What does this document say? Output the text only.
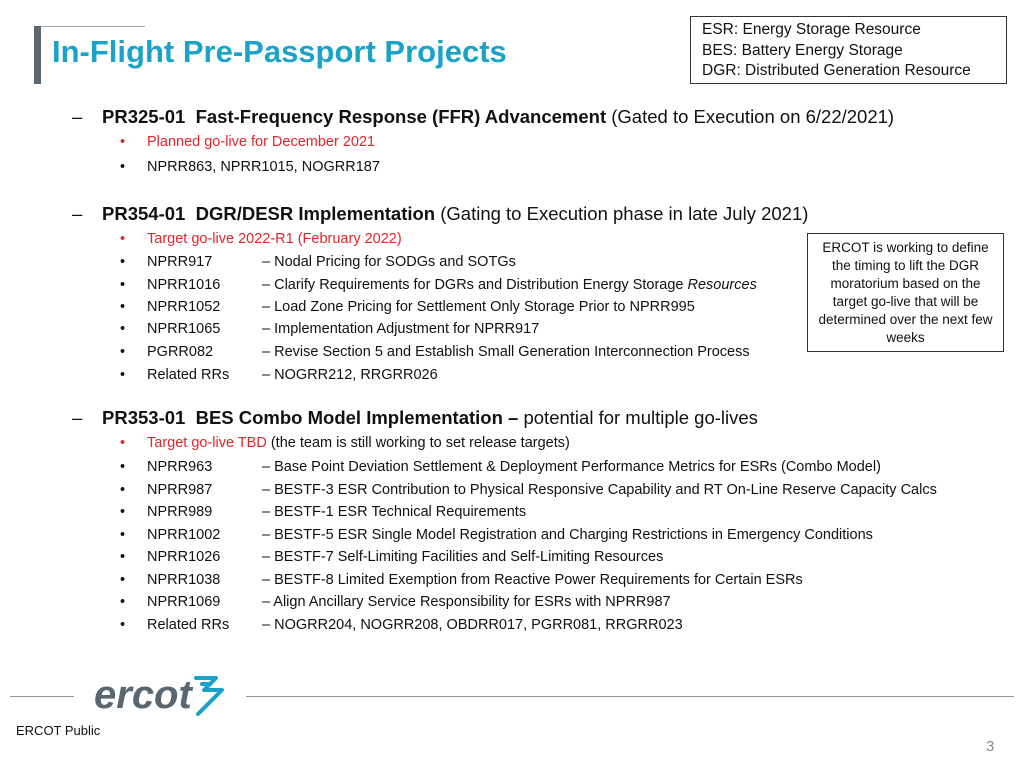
In-Flight Pre-Passport Projects
ESR: Energy Storage Resource
BES: Battery Energy Storage
DGR: Distributed Generation Resource
– PR325-01 Fast-Frequency Response (FFR) Advancement (Gated to Execution on 6/22/2021)
• Planned go-live for December 2021
• NPRR863, NPRR1015, NOGRR187
– PR354-01 DGR/DESR Implementation (Gating to Execution phase in late July 2021)
• Target go-live 2022-R1 (February 2022)
• NPRR917	– Nodal Pricing for SODGs and SOTGs
• NPRR1016	– Clarify Requirements for DGRs and Distribution Energy Storage Resources
• NPRR1052	– Load Zone Pricing for Settlement Only Storage Prior to NPRR995
• NPRR1065	– Implementation Adjustment for NPRR917
• PGRR082	– Revise Section 5 and Establish Small Generation Interconnection Process
• Related RRs – NOGRR212, RRGRR026
ERCOT is working to define the timing to lift the DGR moratorium based on the target go-live that will be determined over the next few weeks
– PR353-01 BES Combo Model Implementation – potential for multiple go-lives
• Target go-live TBD (the team is still working to set release targets)
• NPRR963	– Base Point Deviation Settlement & Deployment Performance Metrics for ESRs (Combo Model)
• NPRR987	– BESTF-3 ESR Contribution to Physical Responsive Capability and RT On-Line Reserve Capacity Calcs
• NPRR989	– BESTF-1 ESR Technical Requirements
• NPRR1002	– BESTF-5 ESR Single Model Registration and Charging Restrictions in Emergency Conditions
• NPRR1026	– BESTF-7 Self-Limiting Facilities and Self-Limiting Resources
• NPRR1038	– BESTF-8 Limited Exemption from Reactive Power Requirements for Certain ESRs
• NPRR1069	– Align Ancillary Service Responsibility for ESRs with NPRR987
• Related RRs – NOGRR204, NOGRR208, OBDRR017, PGRR081, RRGRR023
ercot
ERCOT Public
3
